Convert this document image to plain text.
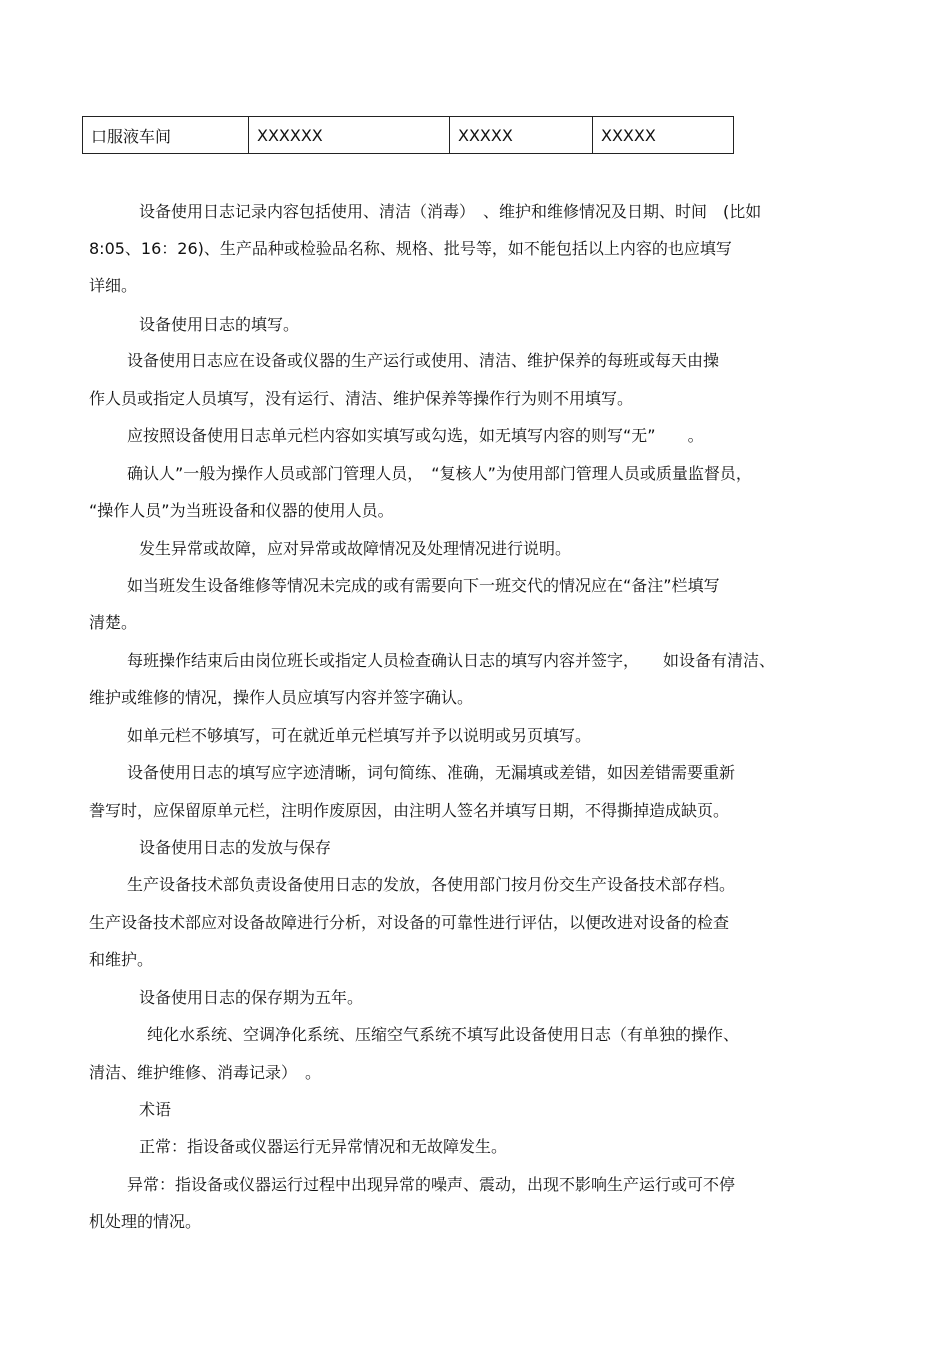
口服液车间	XXXXXX	XXXXX	XXXXX
设备使用日志记录内容包括使用、清洁（消毒）　、维护和维修情况及日期、时间　(比如
8:05、16：26)、生产品种或检验品名称、规格、批号等，如不能包括以上内容的也应填写
详细。
设备使用日志的填写。
设备使用日志应在设备或仪器的生产运行或使用、清洁、维护保养的每班或每天由操
作人员或指定人员填写，没有运行、清洁、维护保养等操作行为则不用填写。
应按照设备使用日志单元栏内容如实填写或勾选，如无填写内容的则写“无”　　。
确认人”一般为操作人员或部门管理人员，　“复核人”为使用部门管理人员或质量监督员，
“操作人员”为当班设备和仪器的使用人员。
发生异常或故障，应对异常或故障情况及处理情况进行说明。
如当班发生设备维修等情况未完成的或有需要向下一班交代的情况应在“备注”栏填写
清楚。
每班操作结束后由岗位班长或指定人员检查确认日志的填写内容并签字，　　如设备有清洁、
维护或维修的情况，操作人员应填写内容并签字确认。
如单元栏不够填写，可在就近单元栏填写并予以说明或另页填写。
设备使用日志的填写应字迹清晰，词句简练、准确，无漏填或差错，如因差错需要重新
誊写时，应保留原单元栏，注明作废原因，由注明人签名并填写日期，不得撕掉造成缺页。
设备使用日志的发放与保存
生产设备技术部负责设备使用日志的发放，各使用部门按月份交生产设备技术部存档。
生产设备技术部应对设备故障进行分析，对设备的可靠性进行评估，以便改进对设备的检查
和维护。
设备使用日志的保存期为五年。
纯化水系统、空调净化系统、压缩空气系统不填写此设备使用日志（有单独的操作、
清洁、维护维修、消毒记录）　。
术语
正常：指设备或仪器运行无异常情况和无故障发生。
异常：指设备或仪器运行过程中出现异常的噪声、震动，出现不影响生产运行或可不停
机处理的情况。
